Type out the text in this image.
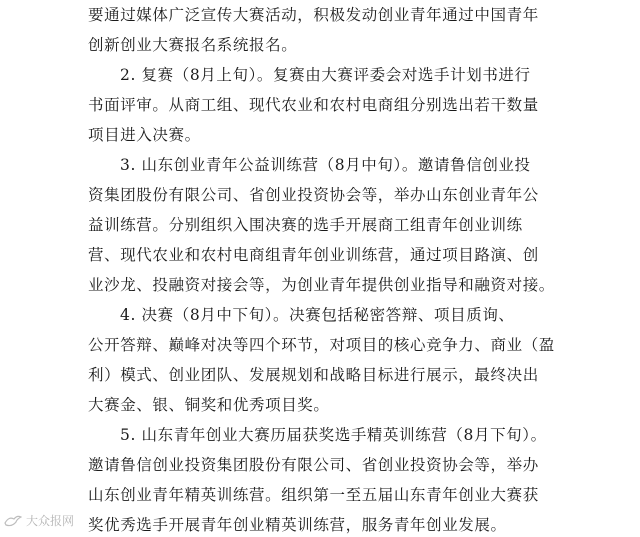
要通过媒体广泛宣传大赛活动，积极发动创业青年通过中国青年
创新创业大赛报名系统报名。
2. 复赛（8月上旬）。复赛由大赛评委会对选手计划书进行
书面评审。从商工组、现代农业和农村电商组分别选出若干数量
项目进入决赛。
3. 山东创业青年公益训练营（8月中旬）。邀请鲁信创业投
资集团股份有限公司、省创业投资协会等，举办山东创业青年公
益训练营。分别组织入围决赛的选手开展商工组青年创业训练
营、现代农业和农村电商组青年创业训练营，通过项目路演、创
业沙龙、投融资对接会等，为创业青年提供创业指导和融资对接。
4. 决赛（8月中下旬）。决赛包括秘密答辩、项目质询、
公开答辩、巅峰对决等四个环节，对项目的核心竞争力、商业（盈
利）模式、创业团队、发展规划和战略目标进行展示，最终决出
大赛金、银、铜奖和优秀项目奖。
5. 山东青年创业大赛历届获奖选手精英训练营（8月下旬）。
邀请鲁信创业投资集团股份有限公司、省创业投资协会等，举办
山东创业青年精英训练营。组织第一至五届山东青年创业大赛获
奖优秀选手开展青年创业精英训练营，服务青年创业发展。
大众报网
